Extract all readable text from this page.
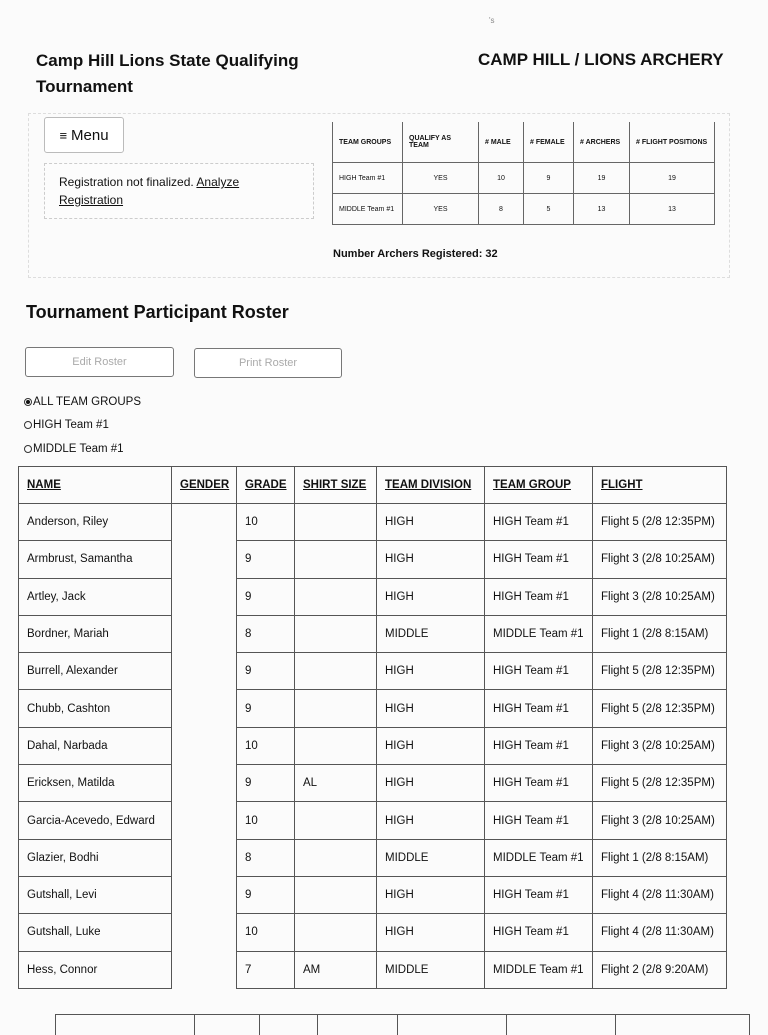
's
Camp Hill Lions State Qualifying Tournament
CAMP HILL / LIONS ARCHERY
≡ Menu
Registration not finalized. Analyze Registration
TEAM GROUPS	QUALIFY AS TEAM	# MALE	# FEMALE	# ARCHERS	# FLIGHT POSITIONS
HIGH Team #1	YES	10	9	19	19
MIDDLE Team #1	YES	8	5	13	13
Number Archers Registered: 32
Tournament Participant Roster
Edit Roster	Print Roster
ALL TEAM GROUPS
HIGH Team #1
MIDDLE Team #1
NAME	GENDER	GRADE	SHIRT SIZE	TEAM DIVISION	TEAM GROUP	FLIGHT
Anderson, Riley		10		HIGH	HIGH Team #1	Flight 5 (2/8 12:35PM)
Armbrust, Samantha		9		HIGH	HIGH Team #1	Flight 3 (2/8 10:25AM)
Artley, Jack		9		HIGH	HIGH Team #1	Flight 3 (2/8 10:25AM)
Bordner, Mariah		8		MIDDLE	MIDDLE Team #1	Flight 1 (2/8 8:15AM)
Burrell, Alexander		9		HIGH	HIGH Team #1	Flight 5 (2/8 12:35PM)
Chubb, Cashton		9		HIGH	HIGH Team #1	Flight 5 (2/8 12:35PM)
Dahal, Narbada		10		HIGH	HIGH Team #1	Flight 3 (2/8 10:25AM)
Ericksen, Matilda		9	AL	HIGH	HIGH Team #1	Flight 5 (2/8 12:35PM)
Garcia-Acevedo, Edward		10		HIGH	HIGH Team #1	Flight 3 (2/8 10:25AM)
Glazier, Bodhi		8		MIDDLE	MIDDLE Team #1	Flight 1 (2/8 8:15AM)
Gutshall, Levi		9		HIGH	HIGH Team #1	Flight 4 (2/8 11:30AM)
Gutshall, Luke		10		HIGH	HIGH Team #1	Flight 4 (2/8 11:30AM)
Hess, Connor		7	AM	MIDDLE	MIDDLE Team #1	Flight 2 (2/8 9:20AM)
